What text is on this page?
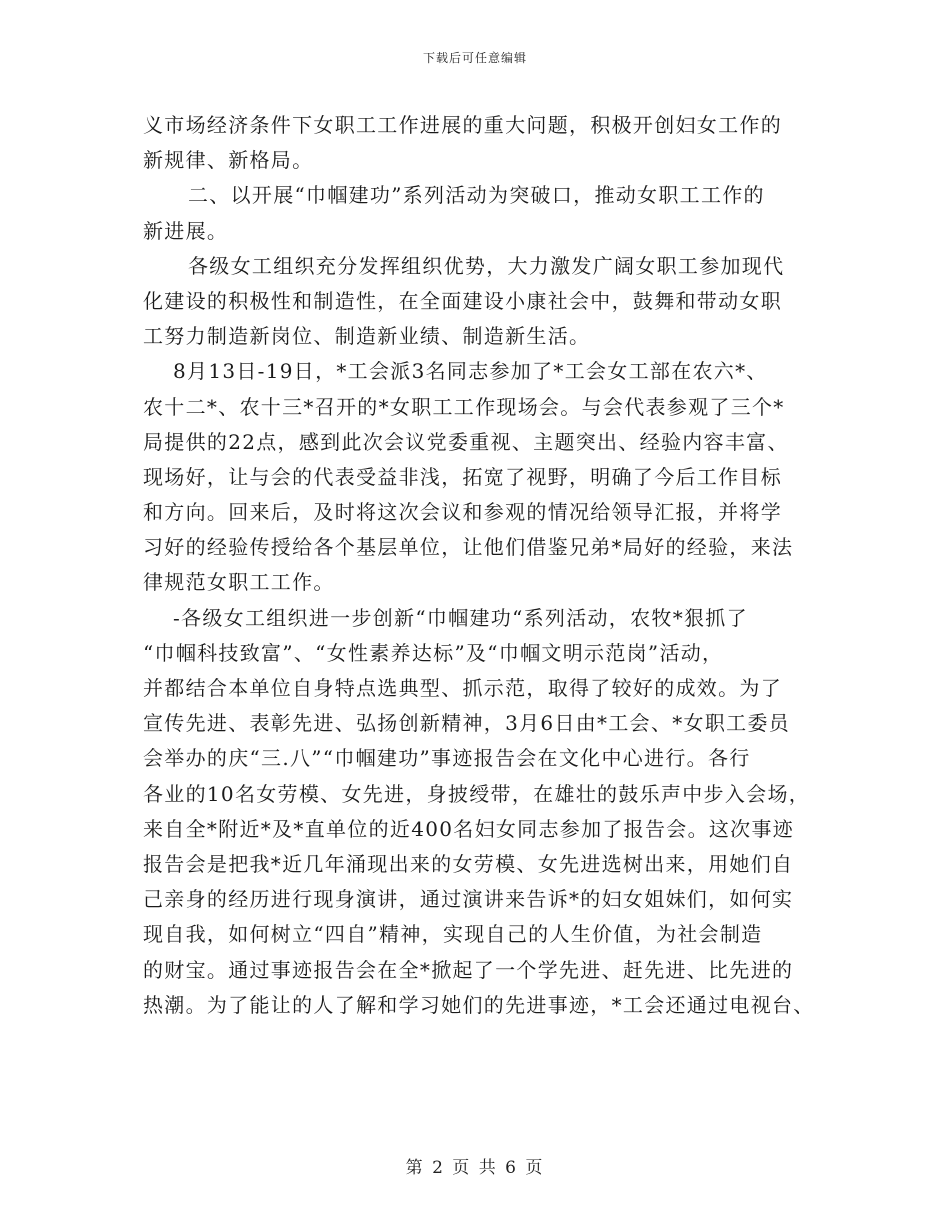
下载后可任意编辑
义市场经济条件下女职工工作进展的重大问题，积极开创妇女工作的
新规律、新格局。
二、以开展“巾帼建功”系列活动为突破口，推动女职工工作的
新进展。
各级女工组织充分发挥组织优势，大力激发广阔女职工参加现代
化建设的积极性和制造性，在全面建设小康社会中，鼓舞和带动女职
工努力制造新岗位、制造新业绩、制造新生活。
8月13日-19日，*工会派3名同志参加了*工会女工部在农六*、
农十二*、农十三*召开的*女职工工作现场会。与会代表参观了三个*
局提供的22点，感到此次会议党委重视、主题突出、经验内容丰富、
现场好，让与会的代表受益非浅，拓宽了视野，明确了今后工作目标
和方向。回来后，及时将这次会议和参观的情况给领导汇报，并将学
习好的经验传授给各个基层单位，让他们借鉴兄弟*局好的经验，来法
律规范女职工工作。
-各级女工组织进一步创新“巾帼建功“系列活动，农牧*狠抓了
“巾帼科技致富”、“女性素养达标”及“巾帼文明示范岗”活动，
并都结合本单位自身特点选典型、抓示范，取得了较好的成效。为了
宣传先进、表彰先进、弘扬创新精神，3月6日由*工会、*女职工委员
会举办的庆“三.八”“巾帼建功”事迹报告会在文化中心进行。各行
各业的10名女劳模、女先进，身披绶带，在雄壮的鼓乐声中步入会场，
来自全*附近*及*直单位的近400名妇女同志参加了报告会。这次事迹
报告会是把我*近几年涌现出来的女劳模、女先进选树出来，用她们自
己亲身的经历进行现身演讲，通过演讲来告诉*的妇女姐妹们，如何实
现自我，如何树立“四自”精神，实现自己的人生价值，为社会制造
的财宝。通过事迹报告会在全*掀起了一个学先进、赶先进、比先进的
热潮。为了能让的人了解和学习她们的先进事迹，*工会还通过电视台、
第 2 页 共 6 页
